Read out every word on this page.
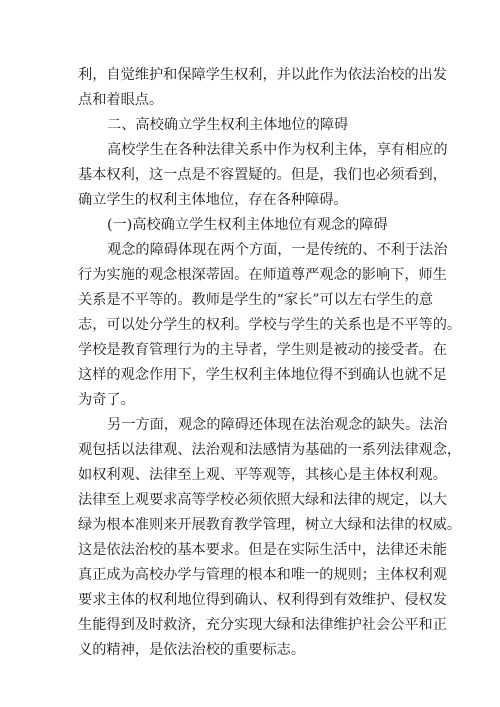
利，自觉维护和保障学生权利，并以此作为依法治校的出发
点和着眼点。
二、高校确立学生权利主体地位的障碍
高校学生在各种法律关系中作为权利主体，享有相应的
基本权利，这一点是不容置疑的。但是，我们也必须看到，
确立学生的权利主体地位，存在各种障碍。
(一)高校确立学生权利主体地位有观念的障碍
观念的障碍体现在两个方面，一是传统的、不利于法治
行为实施的观念根深蒂固。在师道尊严观念的影响下，师生
关系是不平等的。教师是学生的“家长”可以左右学生的意
志，可以处分学生的权利。学校与学生的关系也是不平等的。
学校是教育管理行为的主导者，学生则是被动的接受者。在
这样的观念作用下，学生权利主体地位得不到确认也就不足
为奇了。
另一方面，观念的障碍还体现在法治观念的缺失。法治
观包括以法律观、法治观和法感情为基础的一系列法律观念，
如权利观、法律至上观、平等观等，其核心是主体权利观。
法律至上观要求高等学校必须依照大绿和法律的规定，以大
绿为根本准则来开展教育教学管理，树立大绿和法律的权威。
这是依法治校的基本要求。但是在实际生活中，法律还未能
真正成为高校办学与管理的根本和唯一的规则；主体权利观
要求主体的权利地位得到确认、权利得到有效维护、侵权发
生能得到及时救济，充分实现大绿和法律维护社会公平和正
义的精神，是依法治校的重要标志。
